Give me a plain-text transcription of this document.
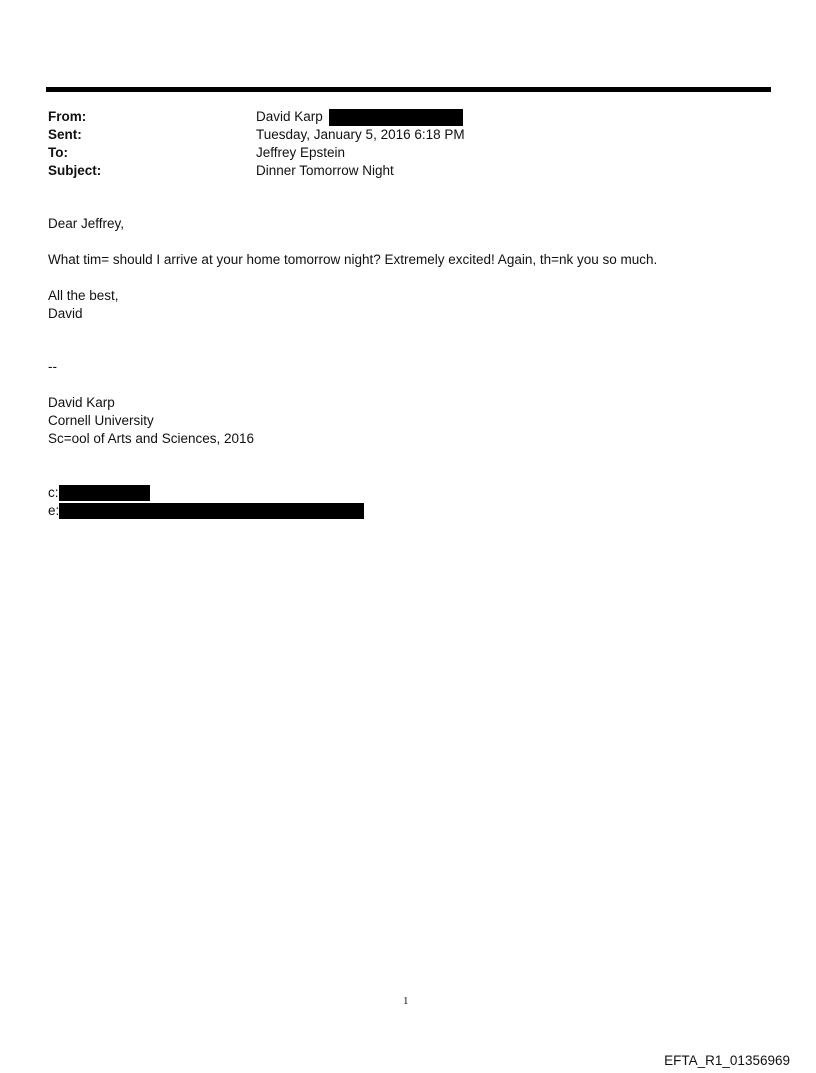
From:	David Karp
Sent:	Tuesday, January 5, 2016 6:18 PM
To:	Jeffrey Epstein
Subject:	Dinner Tomorrow Night
Dear Jeffrey,
What tim= should I arrive at your home tomorrow night? Extremely excited! Again, th=nk you so much.
All the best,
David
--
David Karp
Cornell University
Sc=ool of Arts and Sciences, 2016

c:

e:

1
EFTA_R1_01356969
